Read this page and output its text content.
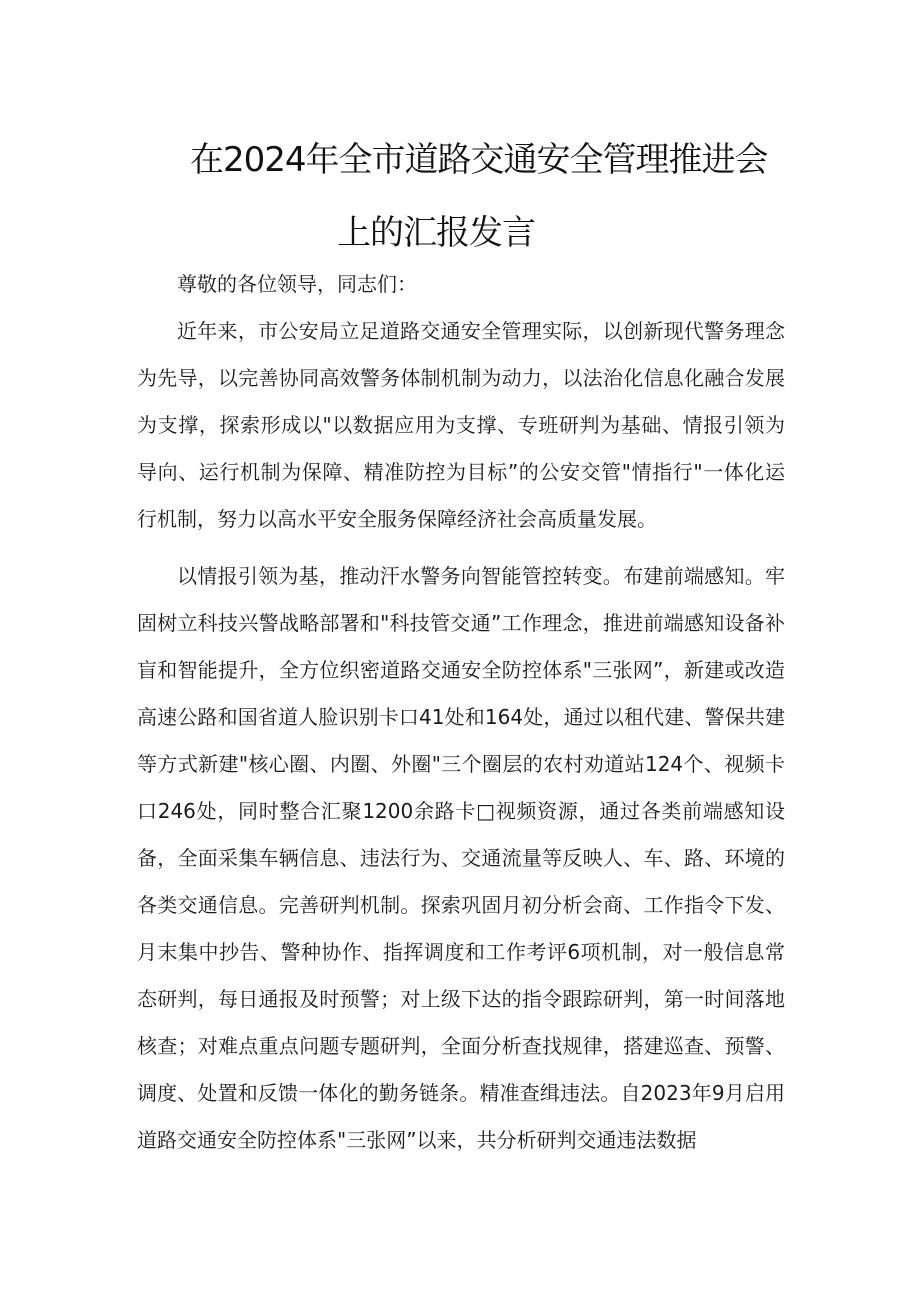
在2024年全市道路交通安全管理推进会
上的汇报发言
尊敬的各位领导，同志们：

近年来，市公安局立足道路交通安全管理实际，以创新现代警务理念为先导，以完善协同高效警务体制机制为动力，以法治化信息化融合发展为支撑，探索形成以"以数据应用为支撑、专班研判为基础、情报引领为导向、运行机制为保障、精准防控为目标”的公安交管"情指行"一体化运行机制，努力以高水平安全服务保障经济社会高质量发展。

以情报引领为基，推动汗水警务向智能管控转变。布建前端感知。牢固树立科技兴警战略部署和"科技管交通”工作理念，推进前端感知设备补盲和智能提升，全方位织密道路交通安全防控体系"三张网”，新建或改造高速公路和国省道人脸识别卡口41处和164处，通过以租代建、警保共建等方式新建"核心圈、内圈、外圈"三个圈层的农村劝道站124个、视频卡口246处，同时整合汇聚1200余路卡□视频资源，通过各类前端感知设备，全面采集车辆信息、违法行为、交通流量等反映人、车、路、环境的各类交通信息。完善研判机制。探索巩固月初分析会商、工作指令下发、月末集中抄告、警种协作、指挥调度和工作考评6项机制，对一般信息常态研判，每日通报及时预警；对上级下达的指令跟踪研判，第一时间落地核查；对难点重点问题专题研判，全面分析查找规律，搭建巡查、预警、调度、处置和反馈一体化的勤务链条。精准查缉违法。自2023年9月启用道路交通安全防控体系"三张网”以来，共分析研判交通违法数据
